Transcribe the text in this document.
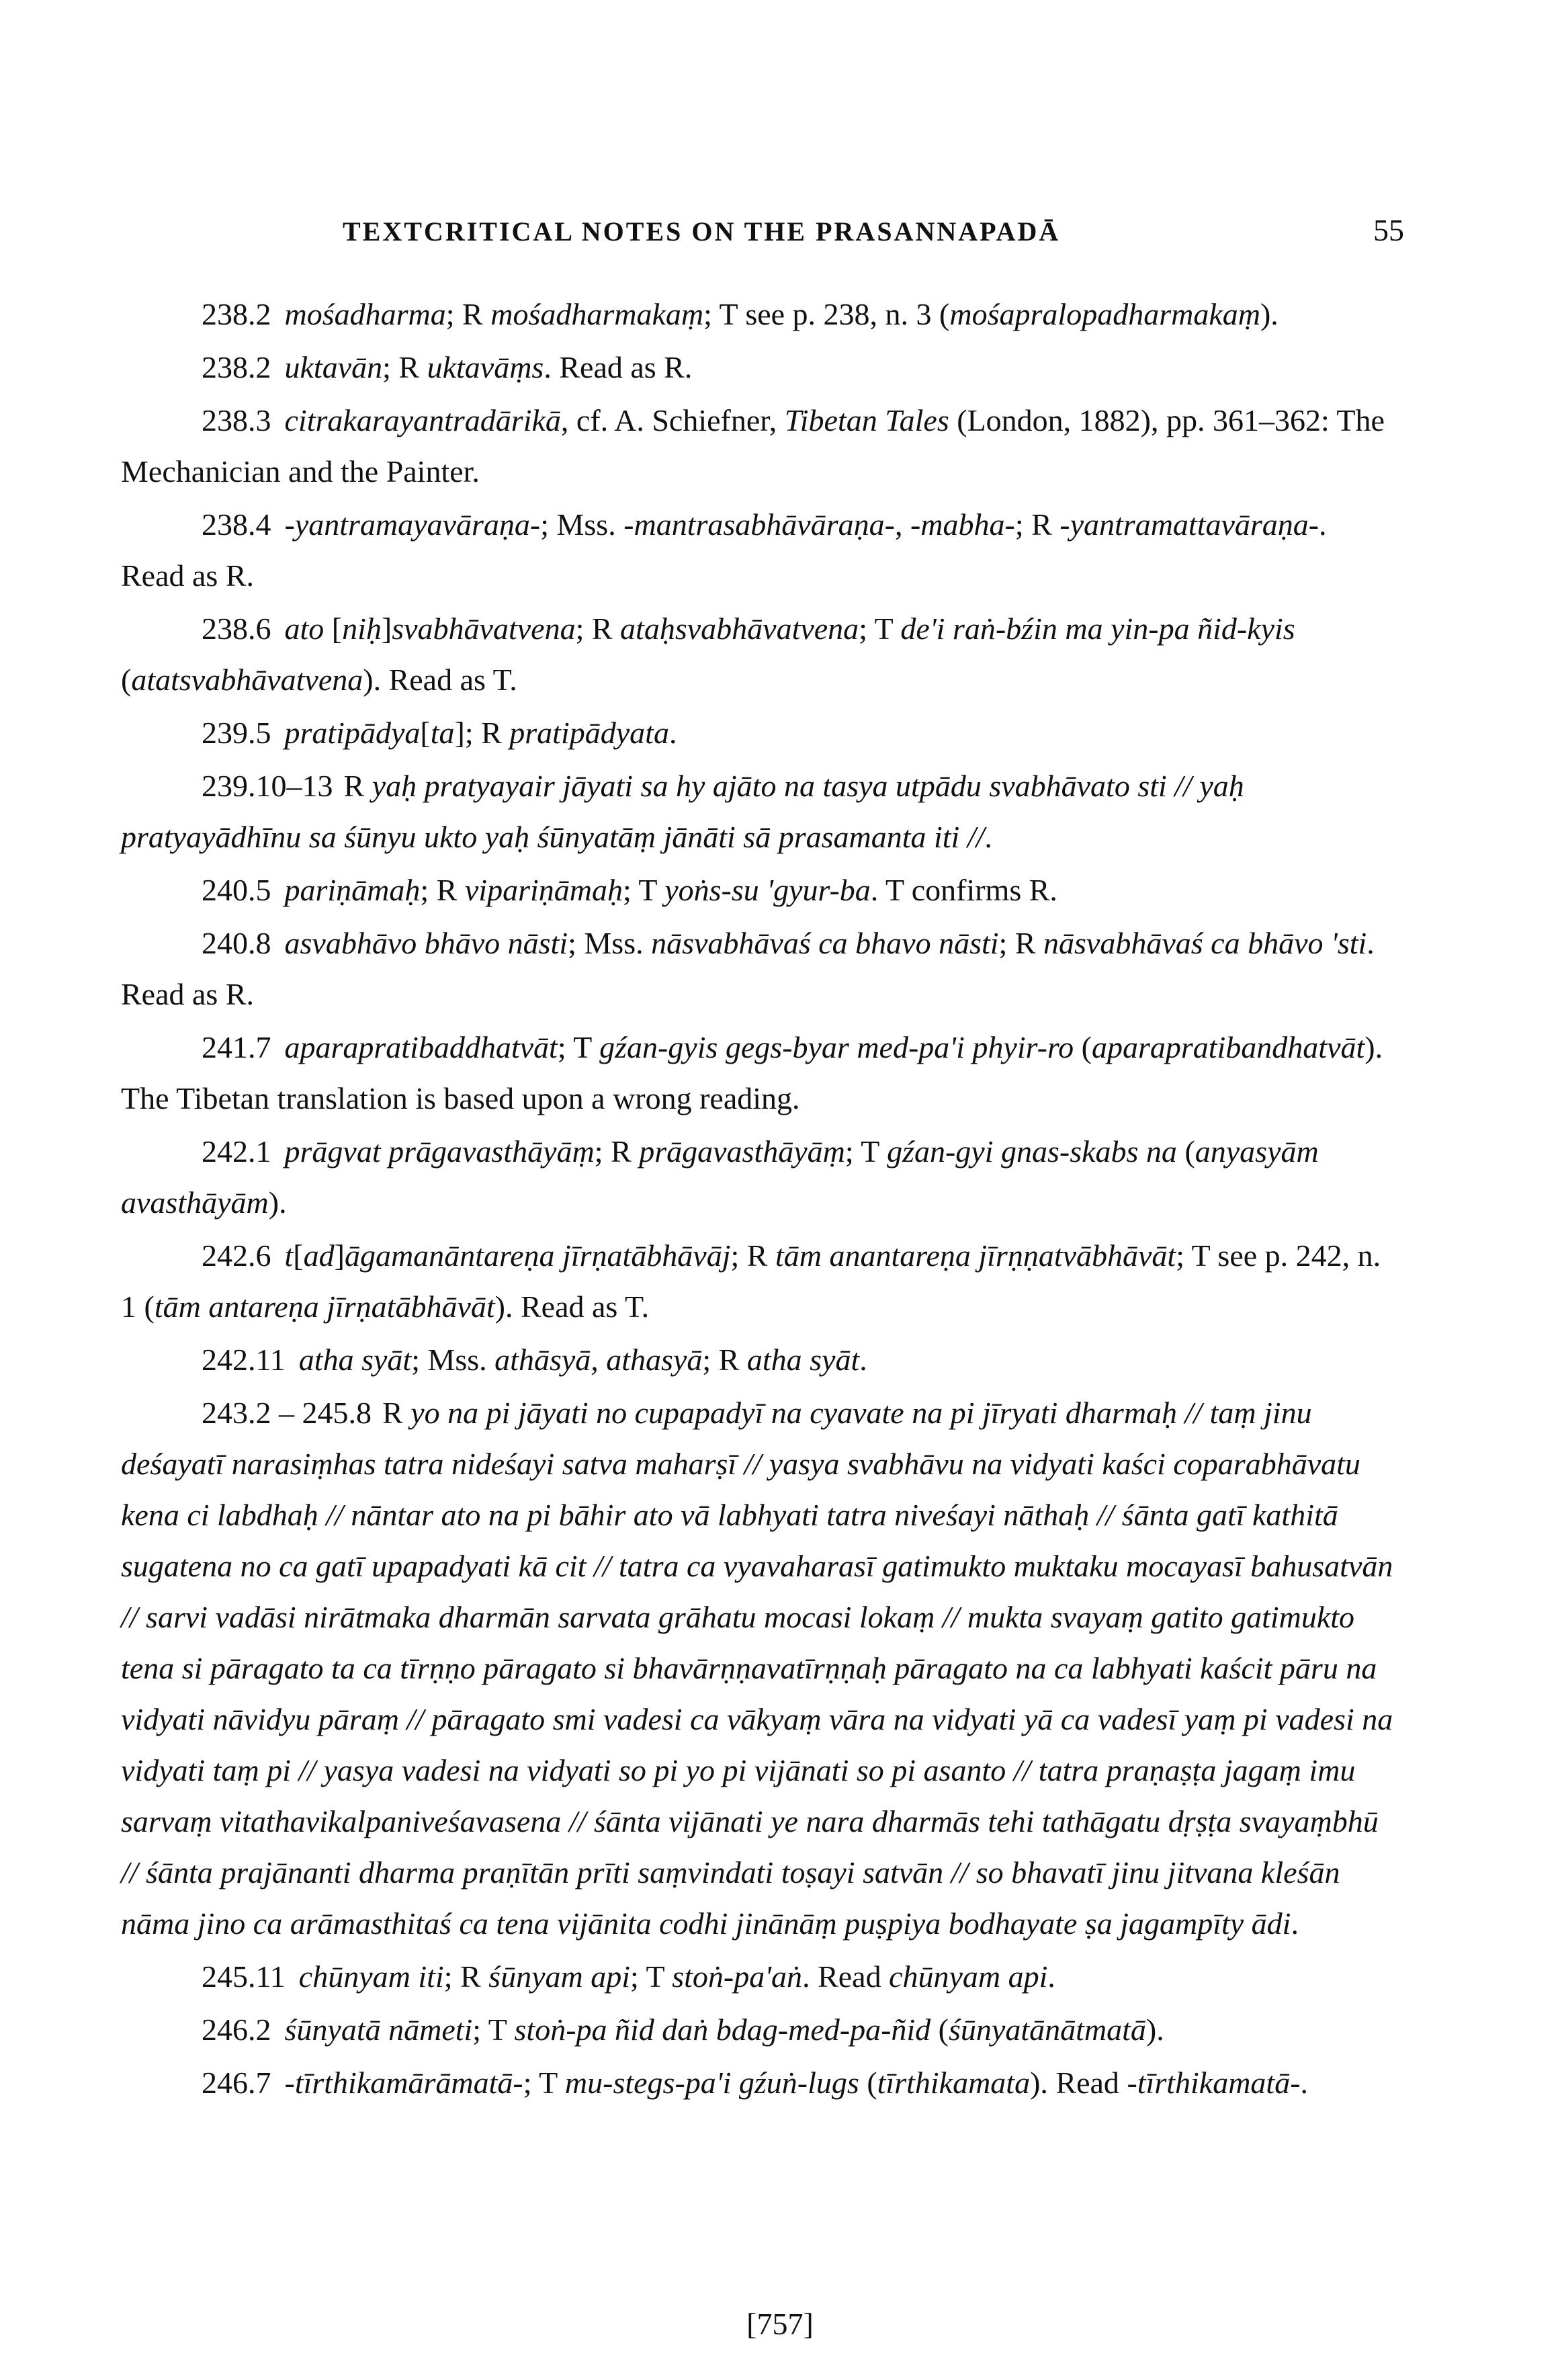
TEXTCRITICAL NOTES ON THE PRASANNAPADĀ	55

238.2 mośadharma; R mośadharmakaṃ; T see p. 238, n. 3 (mośapralopadharmakaṃ).

238.2 uktavān; R uktavāṃs. Read as R.

238.3 citrakarayantradārikā, cf. A. Schiefner, Tibetan Tales (London, 1882), pp. 361–362: The Mechanician and the Painter.

238.4 -yantramayavāraṇa-; Mss. -mantrasabhāvāraṇa-, -mabha-; R -yantramattavāraṇa-. Read as R.

238.6 ato [niḥ]svabhāvatvena; R ataḥsvabhāvatvena; T de'i raṅ-bźin ma yin-pa ñid-kyis (atatsvabhāvatvena). Read as T.

239.5 pratipādya[ta]; R pratipādyata.

239.10–13 R yaḥ pratyayair jāyati sa hy ajāto na tasya utpādu svabhāvato sti // yaḥ pratyayādhīnu sa śūnyu ukto yaḥ śūnyatāṃ jānāti sā prasamanta iti //.

240.5 pariṇāmaḥ; R vipariṇāmaḥ; T yoṅs-su 'gyur-ba. T confirms R.

240.8 asvabhāvo bhāvo nāsti; Mss. nāsvabhāvaś ca bhavo nāsti; R nāsvabhāvaś ca bhāvo 'sti. Read as R.

241.7 aparapratibaddhatvāt; T gźan-gyis gegs-byar med-pa'i phyir-ro (aparapratibandhatvāt). The Tibetan translation is based upon a wrong reading.

242.1 prāgvat prāgavasthāyāṃ; R prāgavasthāyāṃ; T gźan-gyi gnas-skabs na (anyasyām avasthāyām).

242.6 t[ad]āgamanāntareṇa jīrṇatābhāvāj; R tām anantareṇa jīrṇṇatvābhāvāt; T see p. 242, n. 1 (tām antareṇa jīrṇatābhāvāt). Read as T.

242.11 atha syāt; Mss. athāsyā, athasyā; R atha syāt.

243.2 – 245.8 R yo na pi jāyati no cupapadyī na cyavate na pi jīryati dharmaḥ // taṃ jinu deśayatī narasiṃhas tatra nideśayi satva maharṣī // yasya svabhāvu na vidyati kaści coparabhāvatu kena ci labdhaḥ // nāntar ato na pi bāhir ato vā labhyati tatra niveśayi nāthaḥ // śānta gatī kathitā sugatena no ca gatī upapadyati kā cit // tatra ca vyavaharasī gatimukto muktaku mocayasī bahusatvān // sarvi vadāsi nirātmaka dharmān sarvata grāhatu mocasi lokaṃ // mukta svayaṃ gatito gatimukto tena si pāragato ta ca tīrṇṇo pāragato si bhavārṇṇavatīrṇṇaḥ pāragato na ca labhyati kaścit pāru na vidyati nāvidyu pāraṃ // pāragato smi vadesi ca vākyaṃ vāra na vidyati yā ca vadesī yaṃ pi vadesi na vidyati taṃ pi // yasya vadesi na vidyati so pi yo pi vijānati so pi asanto // tatra praṇaṣṭa jagaṃ imu sarvaṃ vitathavikalpaniveśavasena // śānta vijānati ye nara dharmās tehi tathāgatu dṛṣṭa svayaṃbhū // śānta prajānanti dharma praṇītān prīti saṃvindati toṣayi satvān // so bhavatī jinu jitvana kleśān nāma jino ca arāmasthitaś ca tena vijānita codhi jinānāṃ puṣpiya bodhayate ṣa jagampīty ādi.

245.11 chūnyam iti; R śūnyam api; T stoṅ-pa'aṅ. Read chūnyam api.

246.2 śūnyatā nāmeti; T stoṅ-pa ñid daṅ bdag-med-pa-ñid (śūnyatānātmatā).

246.7 -tīrthikamārāmatā-; T mu-stegs-pa'i gźuṅ-lugs (tīrthikamata). Read -tīrthikamatā-.

[757]
